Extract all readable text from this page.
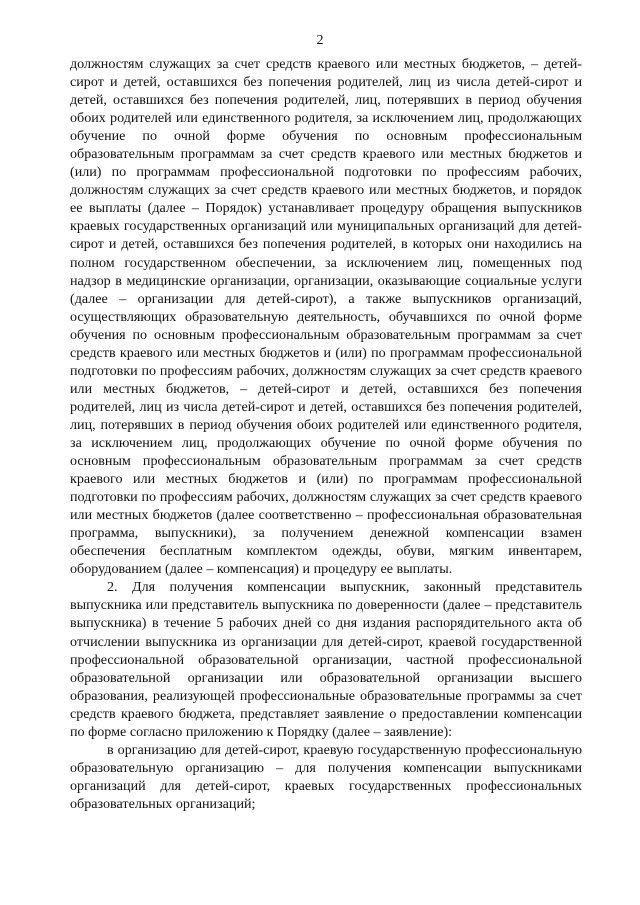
2

должностям служащих за счет средств краевого или местных бюджетов, – детей-сирот и детей, оставшихся без попечения родителей, лиц из числа детей-сирот и детей, оставшихся без попечения родителей, лиц, потерявших в период обучения обоих родителей или единственного родителя, за исключением лиц, продолжающих обучение по очной форме обучения по основным профессиональным образовательным программам за счет средств краевого или местных бюджетов и (или) по программам профессиональной подготовки по профессиям рабочих, должностям служащих за счет средств краевого или местных бюджетов, и порядок ее выплаты (далее – Порядок) устанавливает процедуру обращения выпускников краевых государственных организаций или муниципальных организаций для детей-сирот и детей, оставшихся без попечения родителей, в которых они находились на полном государственном обеспечении, за исключением лиц, помещенных под надзор в медицинские организации, организации, оказывающие социальные услуги (далее – организации для детей-сирот), а также выпускников организаций, осуществляющих образовательную деятельность, обучавшихся по очной форме обучения по основным профессиональным образовательным программам за счет средств краевого или местных бюджетов и (или) по программам профессиональной подготовки по профессиям рабочих, должностям служащих за счет средств краевого или местных бюджетов, – детей-сирот и детей, оставшихся без попечения родителей, лиц из числа детей-сирот и детей, оставшихся без попечения родителей, лиц, потерявших в период обучения обоих родителей или единственного родителя, за исключением лиц, продолжающих обучение по очной форме обучения по основным профессиональным образовательным программам за счет средств краевого или местных бюджетов и (или) по программам профессиональной подготовки по профессиям рабочих, должностям служащих за счет средств краевого или местных бюджетов (далее соответственно – профессиональная образовательная программа, выпускники), за получением денежной компенсации взамен обеспечения бесплатным комплектом одежды, обуви, мягким инвентарем, оборудованием (далее – компенсация) и процедуру ее выплаты.

2. Для получения компенсации выпускник, законный представитель выпускника или представитель выпускника по доверенности (далее – представитель выпускника) в течение 5 рабочих дней со дня издания распорядительного акта об отчислении выпускника из организации для детей-сирот, краевой государственной профессиональной образовательной организации, частной профессиональной образовательной организации или образовательной организации высшего образования, реализующей профессиональные образовательные программы за счет средств краевого бюджета, представляет заявление о предоставлении компенсации по форме согласно приложению к Порядку (далее – заявление):

в организацию для детей-сирот, краевую государственную профессиональную образовательную организацию – для получения компенсации выпускниками организаций для детей-сирот, краевых государственных профессиональных образовательных организаций;
